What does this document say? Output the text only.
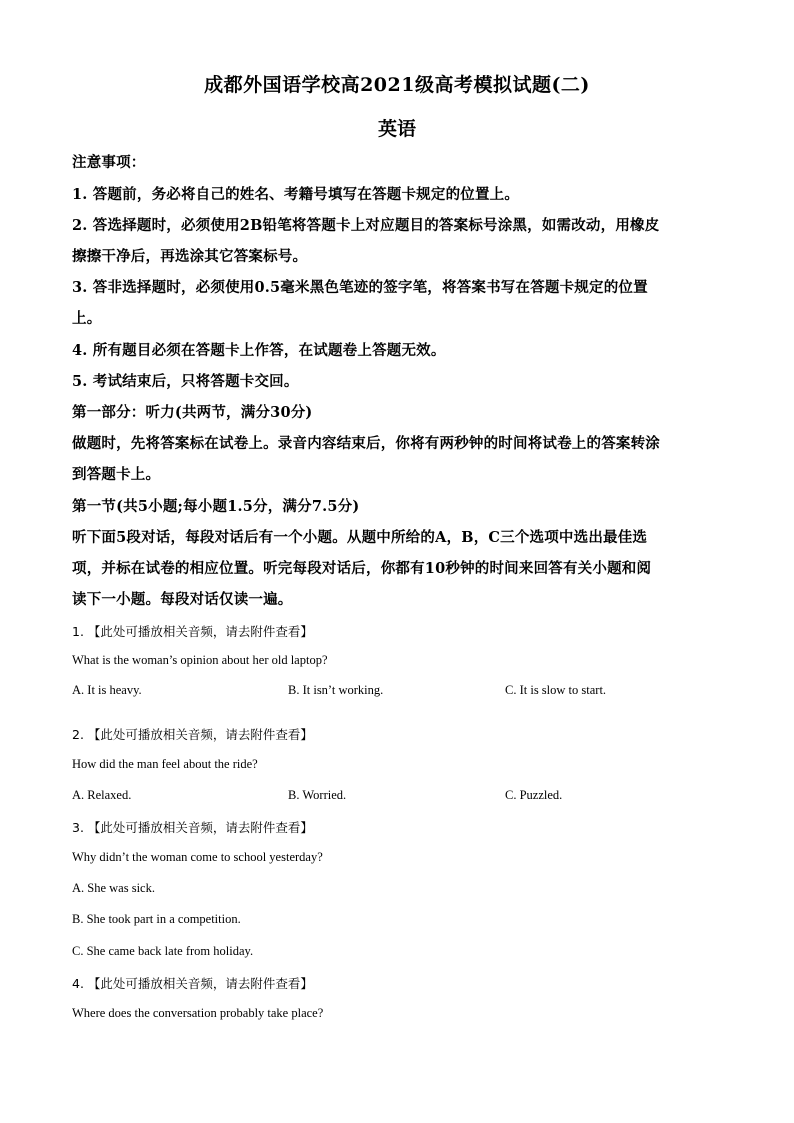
成都外国语学校高2021级高考模拟试题(二)
英语
注意事项：
1. 答题前，务必将自己的姓名、考籍号填写在答题卡规定的位置上。
2. 答选择题时，必须使用2B铅笔将答题卡上对应题目的答案标号涂黑，如需改动，用橡皮
擦擦干净后，再选涂其它答案标号。
3. 答非选择题时，必须使用0.5毫米黑色笔迹的签字笔，将答案书写在答题卡规定的位置
上。
4. 所有题目必须在答题卡上作答，在试题卷上答题无效。
5. 考试结束后，只将答题卡交回。
第一部分：听力(共两节，满分30分)
做题时，先将答案标在试卷上。录音内容结束后，你将有两秒钟的时间将试卷上的答案转涂
到答题卡上。
第一节(共5小题;每小题1.5分，满分7.5分)
听下面5段对话，每段对话后有一个小题。从题中所给的A，B，C三个选项中选出最佳选
项，并标在试卷的相应位置。听完每段对话后，你都有10秒钟的时间来回答有关小题和阅
读下一小题。每段对话仅读一遍。
1. 【此处可播放相关音频，请去附件查看】
What is the woman’s opinion about her old laptop?
A. It is heavy.	B. It isn’t working.	C. It is slow to start.
2. 【此处可播放相关音频，请去附件查看】
How did the man feel about the ride?
A. Relaxed.	B. Worried.	C. Puzzled.
3. 【此处可播放相关音频，请去附件查看】
Why didn’t the woman come to school yesterday?
A. She was sick.
B. She took part in a competition.
C. She came back late from holiday.
4. 【此处可播放相关音频，请去附件查看】
Where does the conversation probably take place?
